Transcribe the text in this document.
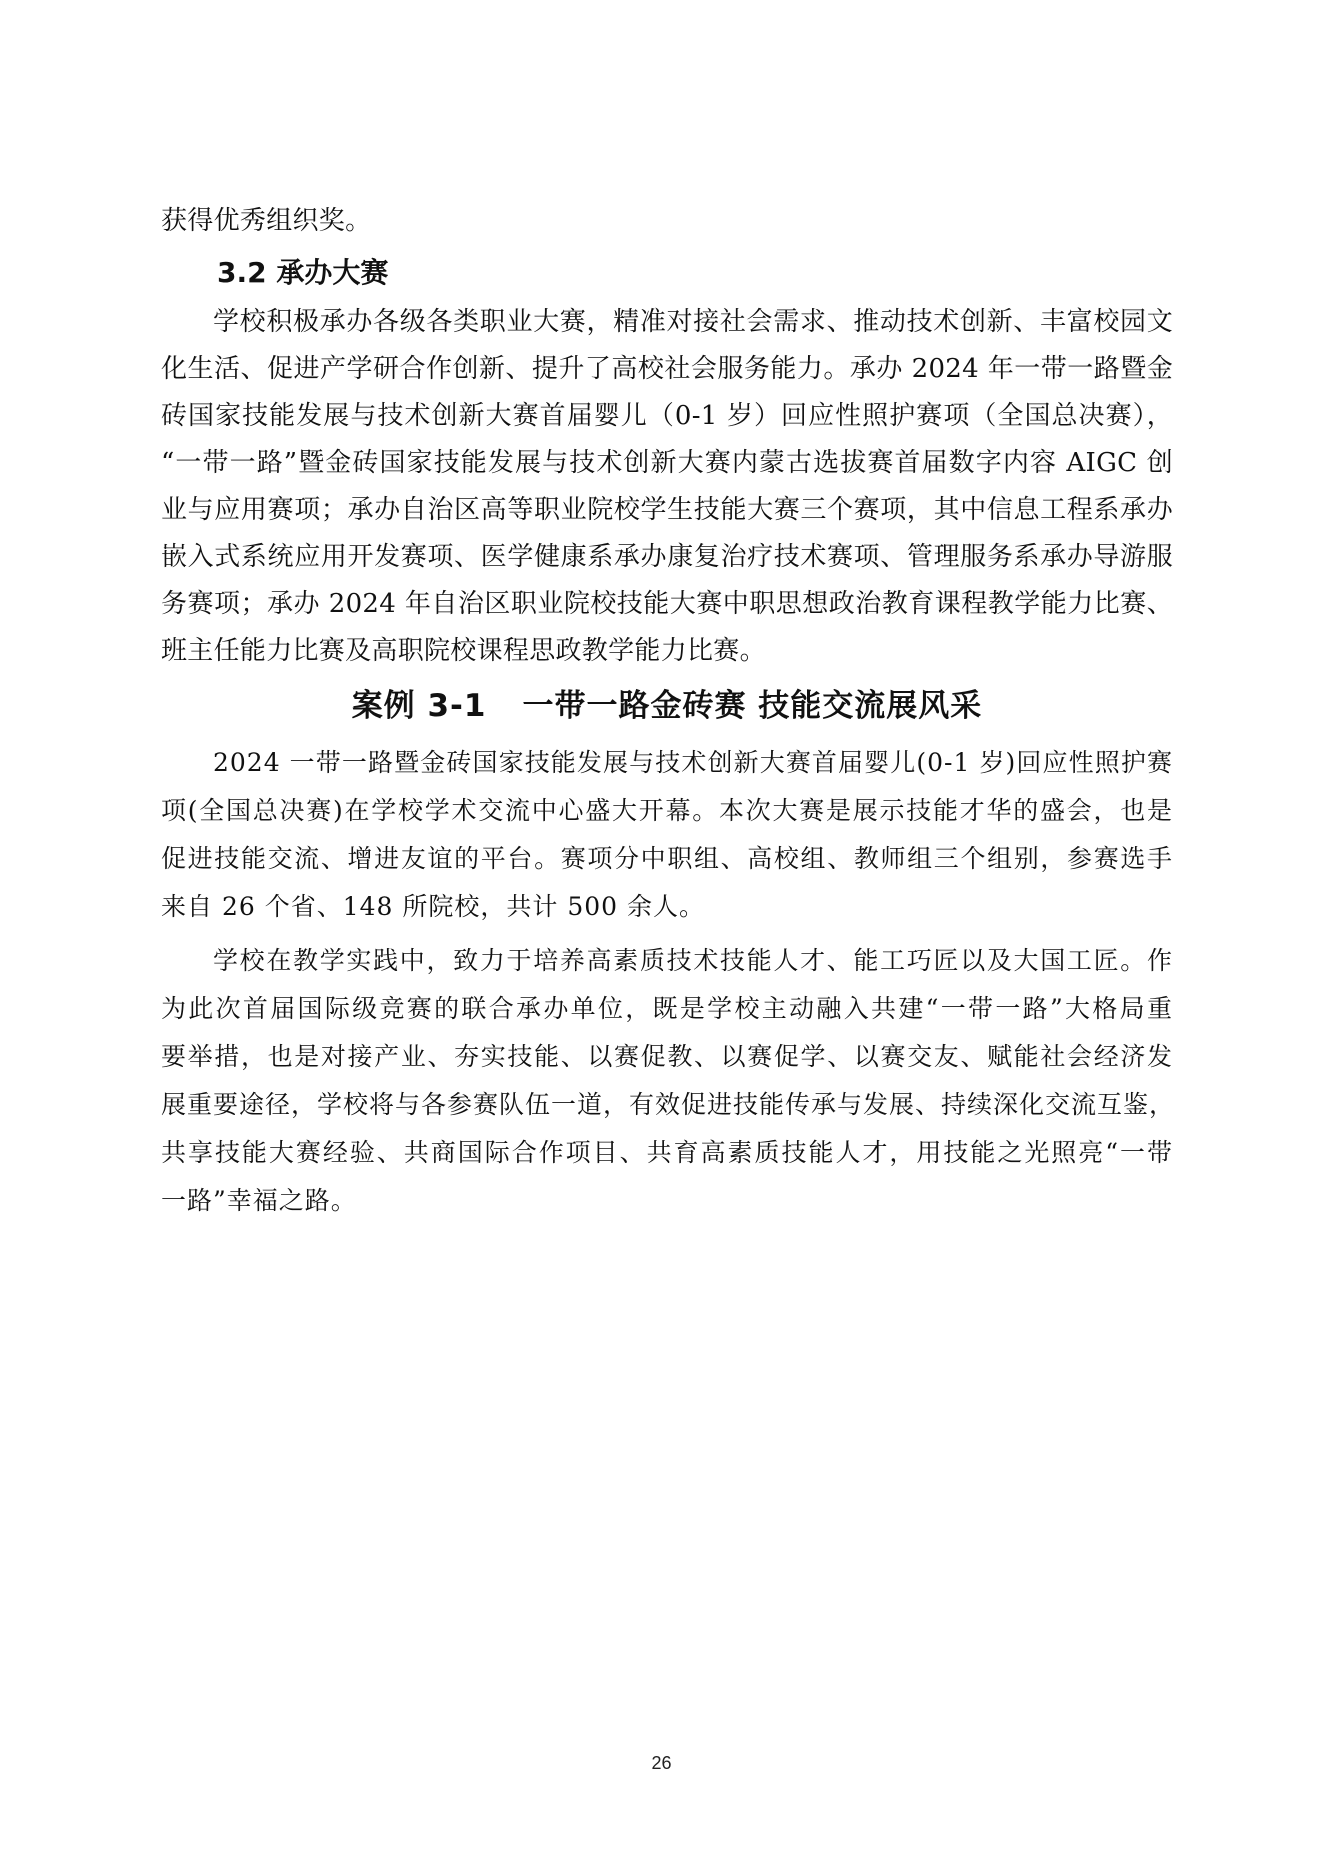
获得优秀组织奖。
3.2 承办大赛
学校积极承办各级各类职业大赛，精准对接社会需求、推动技术创新、丰富校园文
化生活、促进产学研合作创新、提升了高校社会服务能力。承办 2024 年一带一路暨金
砖国家技能发展与技术创新大赛首届婴儿（0-1 岁）回应性照护赛项（全国总决赛），
“一带一路”暨金砖国家技能发展与技术创新大赛内蒙古选拔赛首届数字内容 AIGC 创
业与应用赛项；承办自治区高等职业院校学生技能大赛三个赛项，其中信息工程系承办
嵌入式系统应用开发赛项、医学健康系承办康复治疗技术赛项、管理服务系承办导游服
务赛项；承办 2024 年自治区职业院校技能大赛中职思想政治教育课程教学能力比赛、
班主任能力比赛及高职院校课程思政教学能力比赛。
案例 3-1 一带一路金砖赛 技能交流展风采
2024 一带一路暨金砖国家技能发展与技术创新大赛首届婴儿(0-1 岁)回应性照护赛
项(全国总决赛)在学校学术交流中心盛大开幕。本次大赛是展示技能才华的盛会，也是
促进技能交流、增进友谊的平台。赛项分中职组、高校组、教师组三个组别，参赛选手
来自 26 个省、148 所院校，共计 500 余人。
学校在教学实践中，致力于培养高素质技术技能人才、能工巧匠以及大国工匠。作
为此次首届国际级竞赛的联合承办单位，既是学校主动融入共建“一带一路”大格局重
要举措，也是对接产业、夯实技能、以赛促教、以赛促学、以赛交友、赋能社会经济发
展重要途径，学校将与各参赛队伍一道，有效促进技能传承与发展、持续深化交流互鉴，
共享技能大赛经验、共商国际合作项目、共育高素质技能人才，用技能之光照亮“一带
一路”幸福之路。
26
